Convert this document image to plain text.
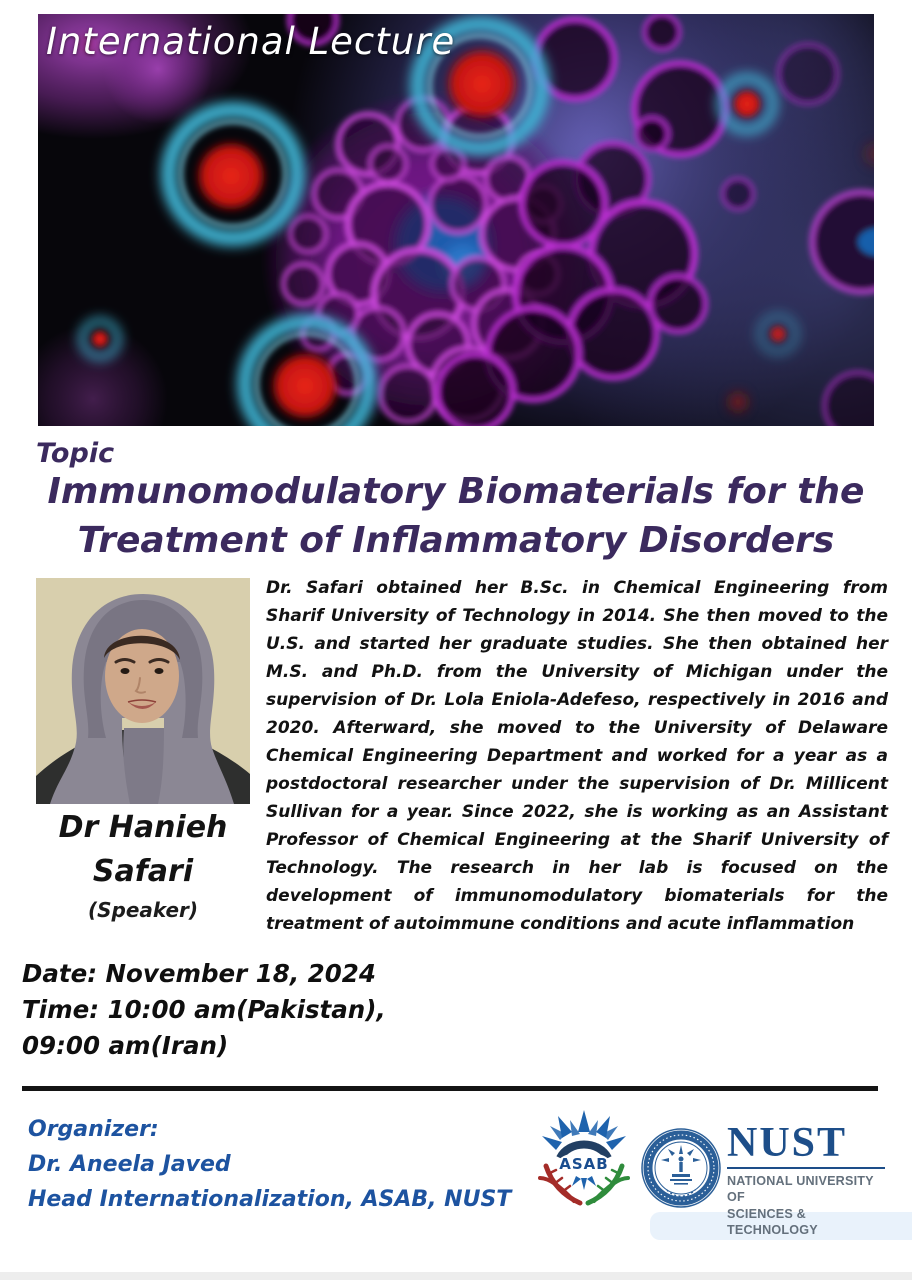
International Lecture
Topic
Immunomodulatory Biomaterials for the Treatment of Inflammatory Disorders
Dr Hanieh Safari
(Speaker)
Dr. Safari obtained her B.Sc. in Chemical Engineering from Sharif University of Technology in 2014. She then moved to the U.S. and started her graduate studies. She then obtained her M.S. and Ph.D. from the University of Michigan under the supervision of Dr. Lola Eniola-Adefeso, respectively in 2016 and 2020. Afterward, she moved to the University of Delaware Chemical Engineering Department and worked for a year as a postdoctoral researcher under the supervision of Dr. Millicent Sullivan for a year. Since 2022, she is working as an Assistant Professor of Chemical Engineering at the Sharif University of Technology. The research in her lab is focused on the development of immunomodulatory biomaterials for the treatment of autoimmune conditions and acute inflammation
Date: November 18, 2024
Time: 10:00 am(Pakistan),
09:00 am(Iran)
Organizer:
Dr. Aneela Javed
Head Internationalization, ASAB, NUST
ASAB	NUST
NATIONAL UNIVERSITY OF
SCIENCES & TECHNOLOGY
